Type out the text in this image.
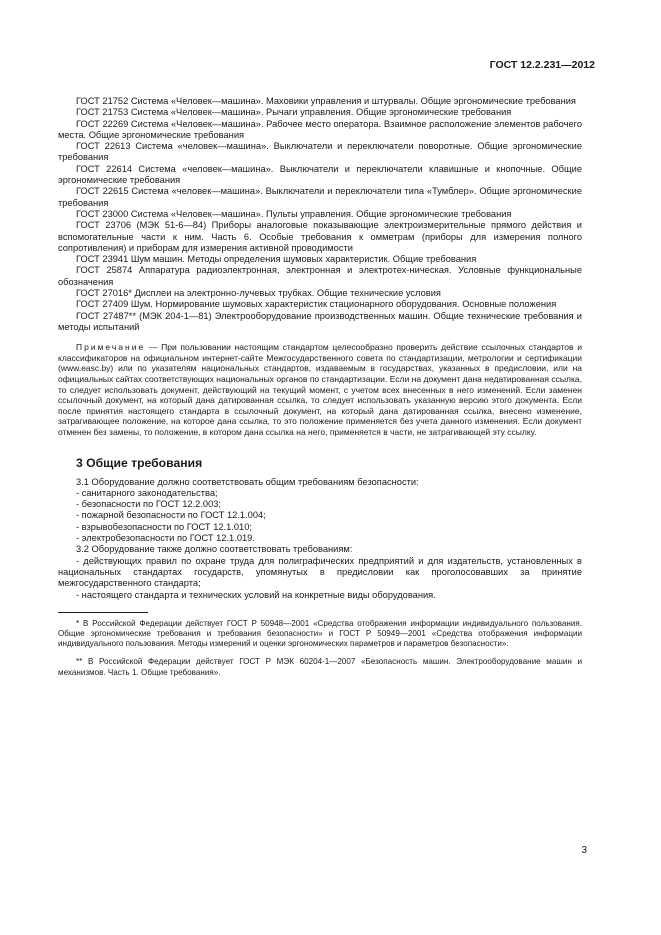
ГОСТ 12.2.231—2012

ГОСТ 21752 Система «Человек—машина». Маховики управления и штурвалы. Общие эргономические требования

ГОСТ 21753 Система «Человек—машина». Рычаги управления. Общие эргономические требования

ГОСТ 22269 Система «Человек—машина». Рабочее место оператора. Взаимное расположение элементов рабочего места. Общие эргономические требования

ГОСТ 22613 Система «человек—машина». Выключатели и переключатели поворотные. Общие эргономические требования

ГОСТ 22614 Система «человек—машина». Выключатели и переключатели клавишные и кнопочные. Общие эргономические требования

ГОСТ 22615 Система «человек—машина». Выключатели и переключатели типа «Тумблер». Общие эргономические требования

ГОСТ 23000 Система «Человек—машина». Пульты управления. Общие эргономические требования

ГОСТ 23706 (МЭК 51-6—84) Приборы аналоговые показывающие электроизмерительные прямого действия и вспомогательные части к ним. Часть 6. Особые требования к омметрам (приборы для измерения полного сопротивления) и приборам для измерения активной проводимости

ГОСТ 23941 Шум машин. Методы определения шумовых характеристик. Общие требования

ГОСТ 25874 Аппаратура радиоэлектронная, электронная и электротех-ническая. Условные функциональные обозначения

ГОСТ 27016* Дисплеи на электронно-лучевых трубках. Общие технические условия

ГОСТ 27409 Шум. Нормирование шумовых характеристик стационарного оборудования. Основные положения

ГОСТ 27487** (МЭК 204-1—81) Электрооборудование производственных машин. Общие технические требования и методы испытаний

Примечание — При пользовании настоящим стандартом целесообразно проверить действие ссылочных стандартов и классификаторов на официальном интернет-сайте Межгосударственного совета по стандартизации, метрологии и сертификации (www.easc.by) или по указателям национальных стандартов, издаваемым в государствах, указанных в предисловии, или на официальных сайтах соответствующих национальных органов по стандартизации. Если на документ дана недатированная ссылка, то следует использовать документ, действующий на текущий момент, с учетом всех внесенных в него изменений. Если заменен ссылочный документ, на который дана датированная ссылка, то следует использовать указанную версию этого документа. Если после принятия настоящего стандарта в ссылочный документ, на который дана датированная ссылка, внесено изменение, затрагивающее положение, на которое дана ссылка, то это положение применяется без учета данного изменения. Если документ отменен без замены, то положение, в котором дана ссылка на него, применяется в части, не затрагивающей эту ссылку.
3 Общие требования

3.1 Оборудование должно соответствовать общим требованиям безопасности:

- санитарного законодательства;

- безопасности по ГОСТ 12.2.003;

- пожарной безопасности по ГОСТ 12.1.004;

- взрывобезопасности по ГОСТ 12.1.010;

- электробезопасности по ГОСТ 12.1.019.

3.2 Оборудование также должно соответствовать требованиям:

- действующих правил по охране труда для полиграфических предприятий и для издательств, установленных в национальных стандартах государств, упомянутых в предисловии как проголосовавших за принятие межгосударственного стандарта;

- настоящего стандарта и технических условий на конкретные виды оборудования.

* В Российской Федерации действует ГОСТ Р 50948—2001 «Средства отображения информации индивидуального пользования. Общие эргономические требования и требования безопасности» и ГОСТ Р 50949—2001 «Средства отображения информации индивидуального пользования. Методы измерений и оценки эргономических параметров и параметров безопасности».
** В Российской Федерации действует ГОСТ Р МЭК 60204-1—2007 «Безопасность машин. Электрооборудование машин и механизмов. Часть 1. Общие требования».
3
